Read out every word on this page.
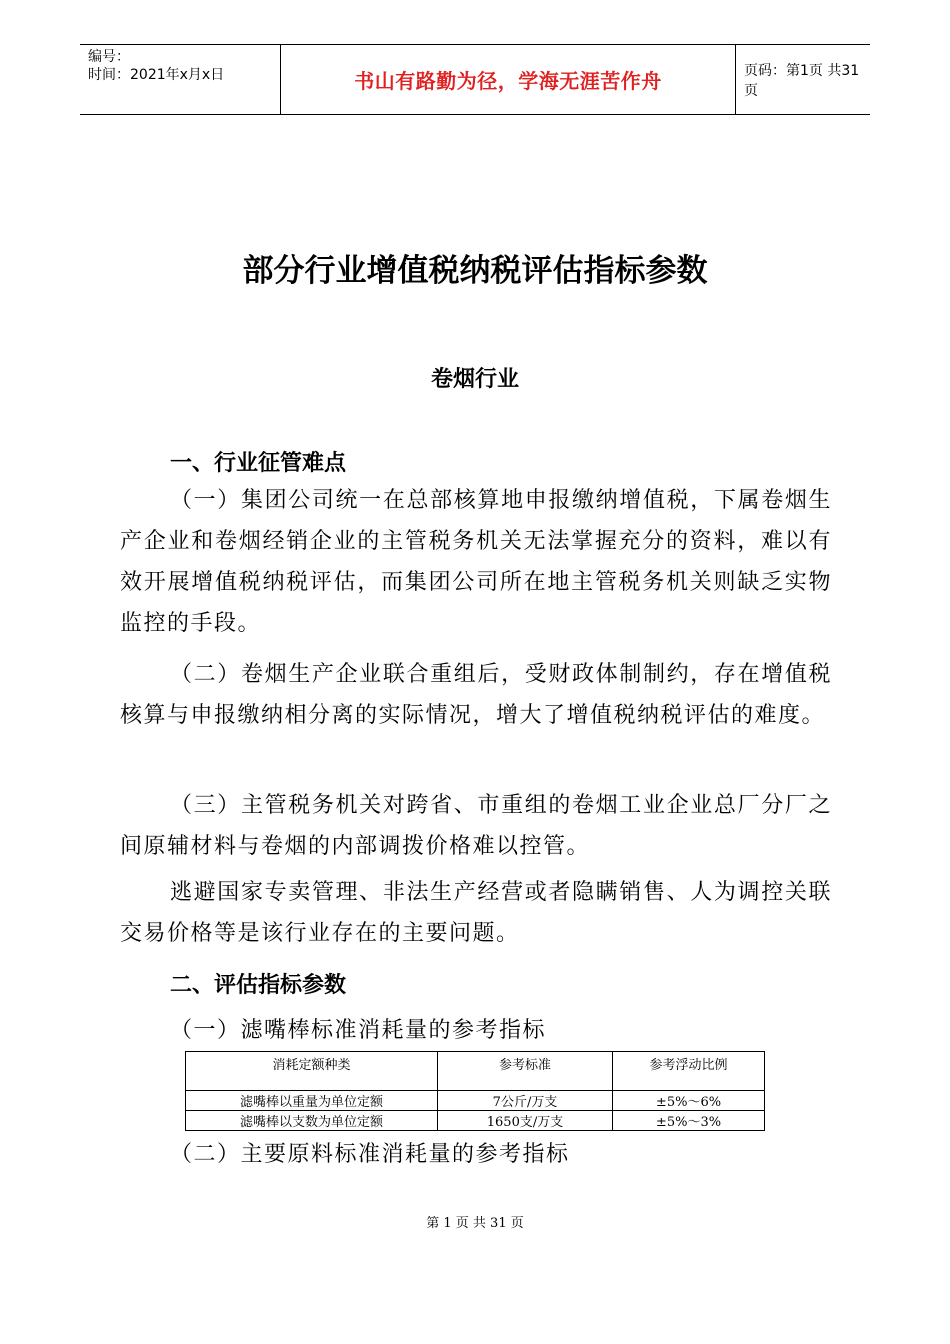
编号：
时间：2021年x月x日	书山有路勤为径，学海无涯苦作舟	页码：第1页 共31页
部分行业增值税纳税评估指标参数
卷烟行业
一、行业征管难点
（一）集团公司统一在总部核算地申报缴纳增值税，下属卷烟生产企业和卷烟经销企业的主管税务机关无法掌握充分的资料，难以有效开展增值税纳税评估，而集团公司所在地主管税务机关则缺乏实物监控的手段。
（二）卷烟生产企业联合重组后，受财政体制制约，存在增值税核算与申报缴纳相分离的实际情况，增大了增值税纳税评估的难度。
（三）主管税务机关对跨省、市重组的卷烟工业企业总厂分厂之间原辅材料与卷烟的内部调拨价格难以控管。
逃避国家专卖管理、非法生产经营或者隐瞒销售、人为调控关联交易价格等是该行业存在的主要问题。
二、评估指标参数
（一）滤嘴棒标准消耗量的参考指标
消耗定额种类	参考标准	参考浮动比例
滤嘴棒以重量为单位定额	7公斤/万支	±5%～6%
滤嘴棒以支数为单位定额	1650支/万支	±5%～3%
（二）主要原料标准消耗量的参考指标
第 1 页 共 31 页
